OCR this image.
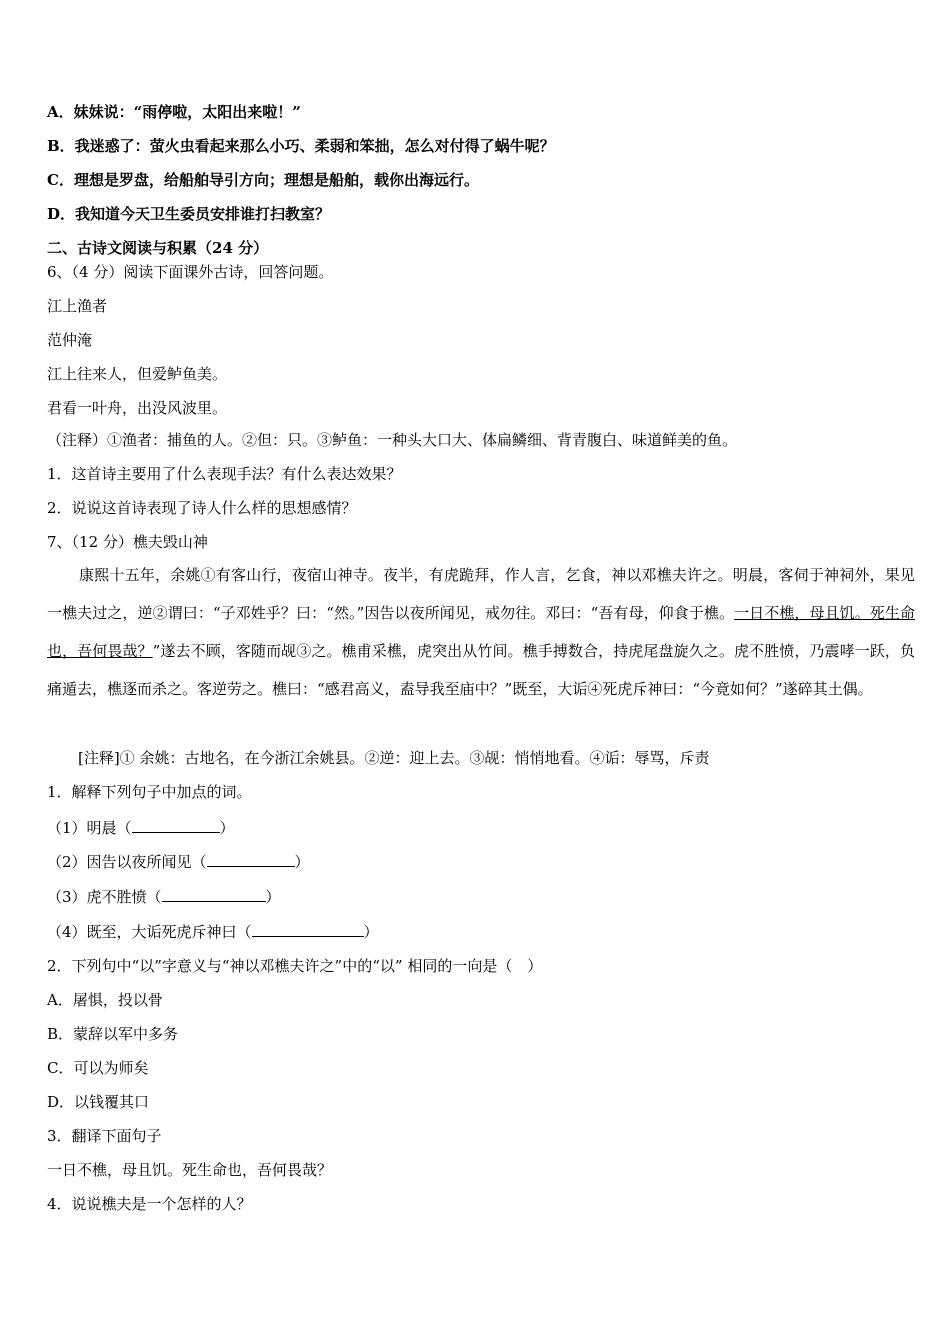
A．妹妹说：“雨停啦，太阳出来啦！”
B．我迷惑了：萤火虫看起来那么小巧、柔弱和笨拙，怎么对付得了蜗牛呢？
C．理想是罗盘，给船舶导引方向；理想是船舶，载你出海远行。
D．我知道今天卫生委员安排谁打扫教室？
二、古诗文阅读与积累（24 分）
6、（4 分）阅读下面课外古诗，回答问题。
江上渔者
范仲淹
江上往来人，但爱鲈鱼美。
君看一叶舟，出没风波里。
（注释）①渔者：捕鱼的人。②但：只。③鲈鱼：一种头大口大、体扁鳞细、背青腹白、味道鲜美的鱼。
1．这首诗主要用了什么表现手法？有什么表达效果？
2．说说这首诗表现了诗人什么样的思想感情？
7、（12 分）樵夫毁山神

康熙十五年，余姚①有客山行，夜宿山神寺。夜半，有虎跪拜，作人言，乞食，神以邓樵夫许之。明晨，客伺于神祠外，果见一樵夫过之，逆②谓曰：“子邓姓乎？曰：“然。”因告以夜所闻见，戒勿往。邓曰：“吾有母，仰食于樵。一日不樵，母且饥。死生命也，吾何畏哉？”遂去不顾，客随而觇③之。樵甫采樵，虎突出从竹间。樵手搏数合，持虎尾盘旋久之。虎不胜愤，乃震哮一跃，负痛遁去，樵逐而杀之。客逆劳之。樵曰：“感君高义，盍导我至庙中？”既至，大诟④死虎斥神曰：“今竟如何？”遂碎其土偶。

[注释]① 余姚：古地名，在今浙江余姚县。②逆：迎上去。③觇：悄悄地看。④诟：辱骂，斥责
1．解释下列句子中加点的词。
（1）明晨（	）
（2）因告以夜所闻见（	）
（3）虎不胜愤（	）
（4）既至，大诟死虎斥神曰（	）
2．下列句中“以”字意义与“神以邓樵夫许之”中的“以” 相同的一向是（　）
A．屠惧，投以骨
B．蒙辞以军中多务
C．可以为师矣
D．以钱覆其口
3．翻译下面句子
一日不樵，母且饥。死生命也，吾何畏哉？
4．说说樵夫是一个怎样的人？
